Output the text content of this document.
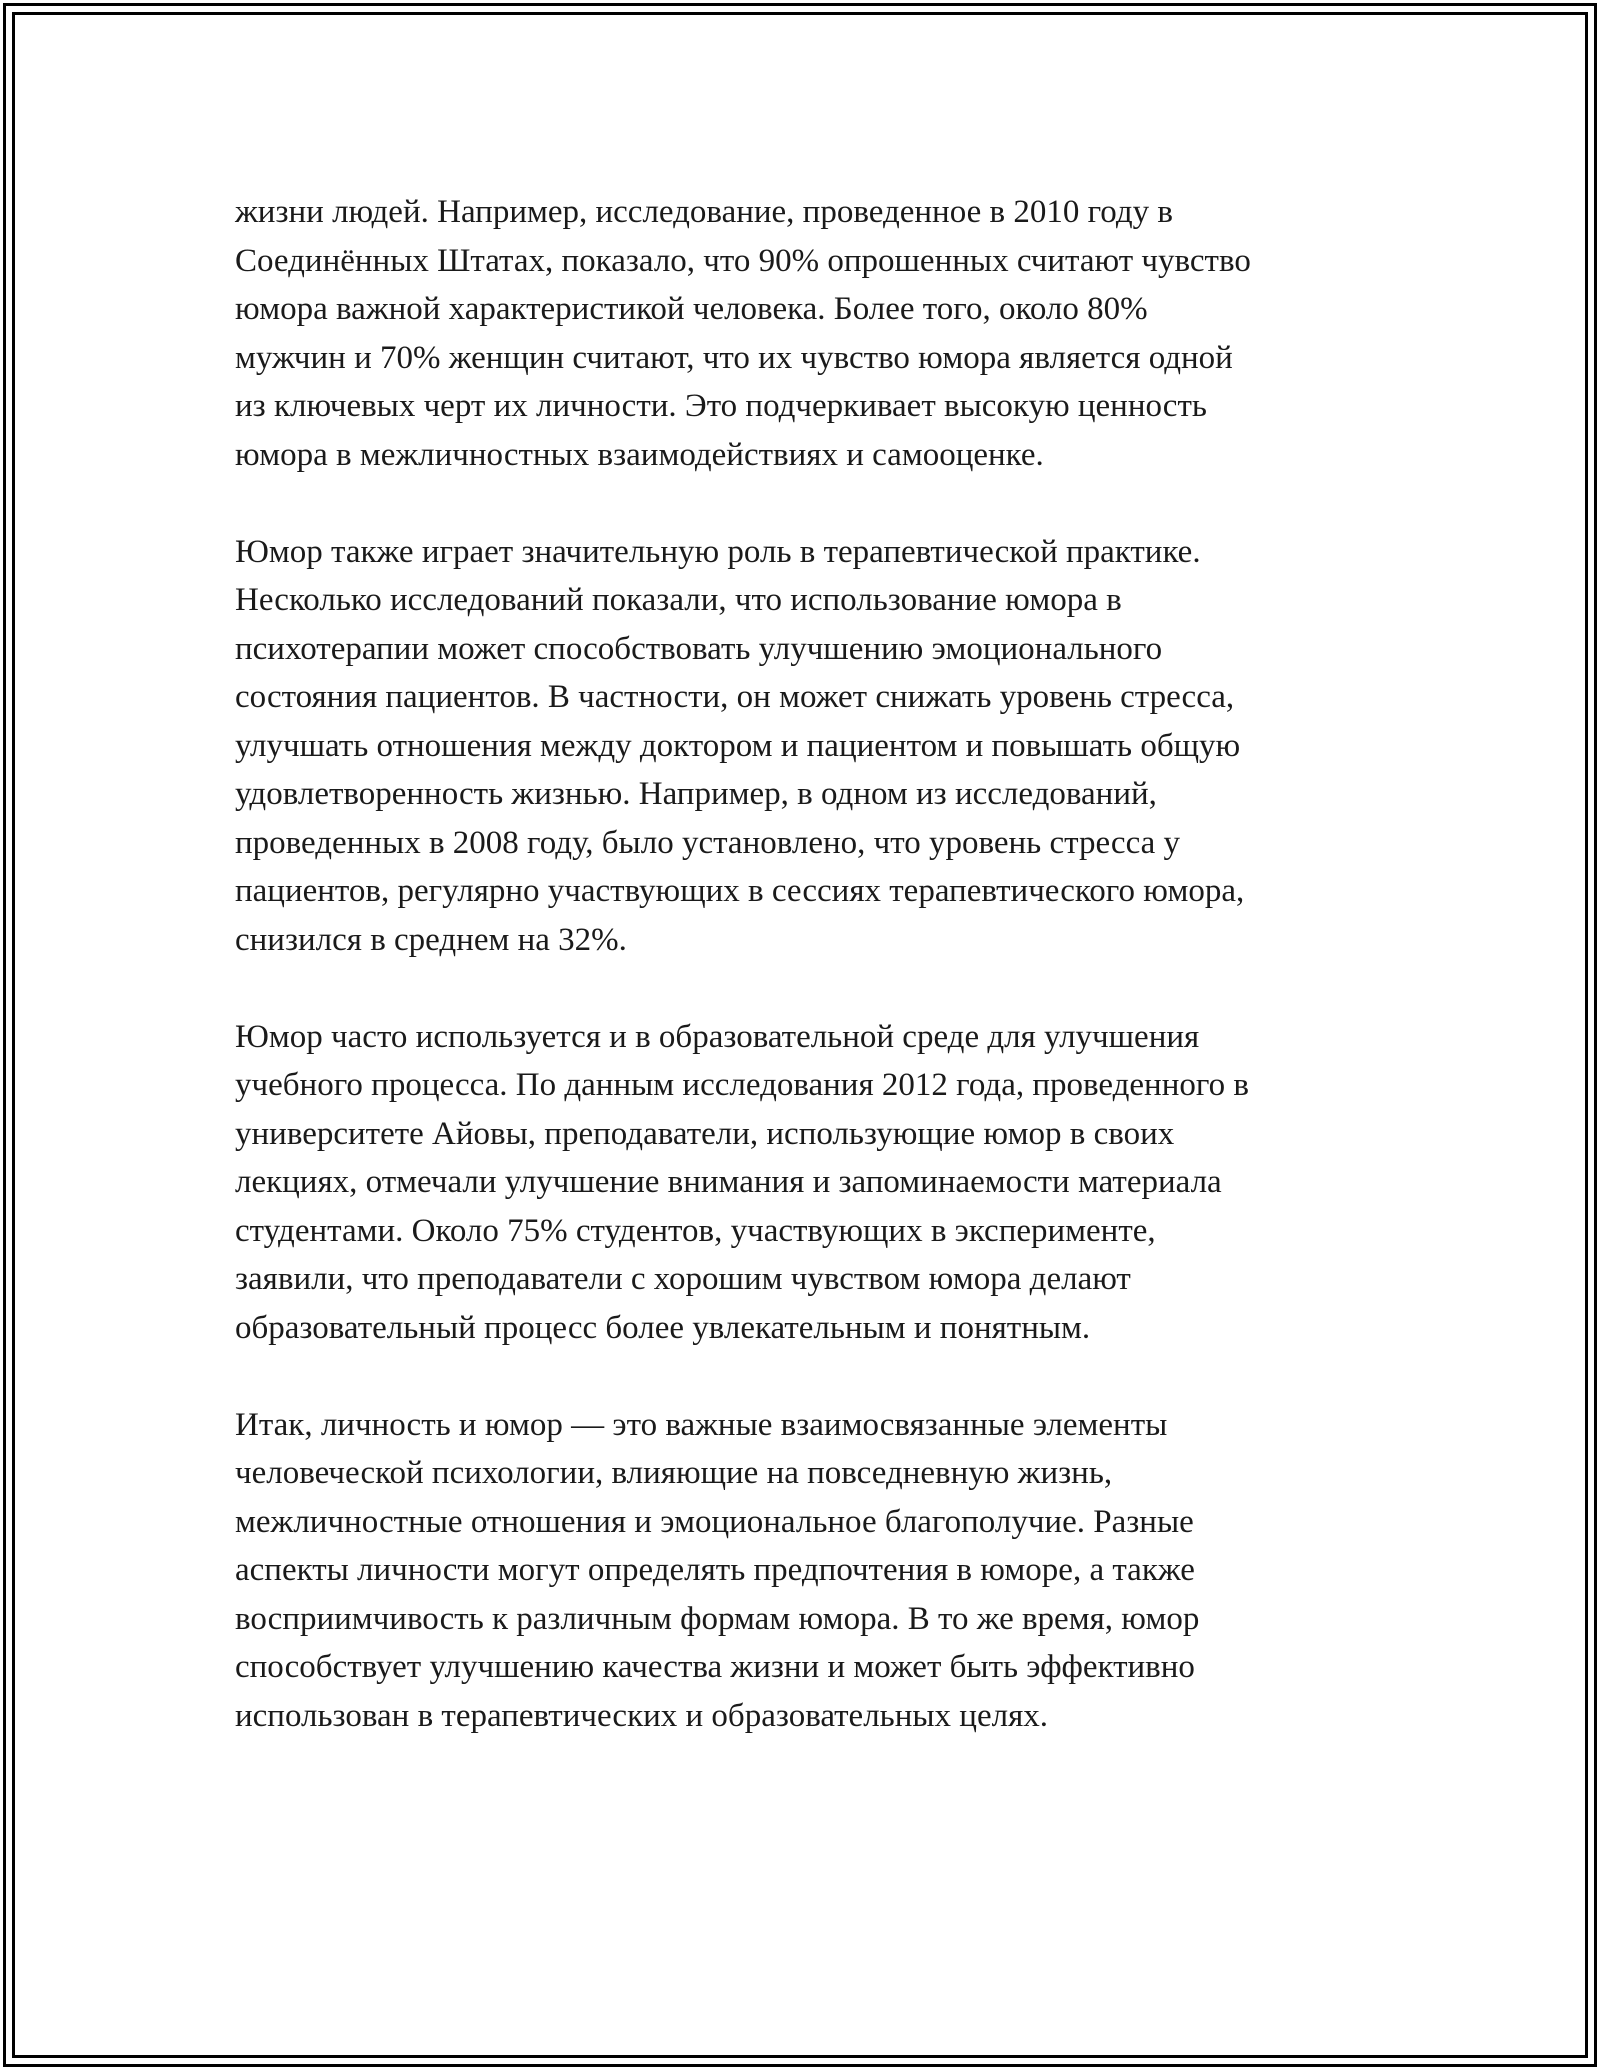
жизни людей. Например, исследование, проведенное в 2010 году в
Соединённых Штатах, показало, что 90% опрошенных считают чувство
юмора важной характеристикой человека. Более того, около 80%
мужчин и 70% женщин считают, что их чувство юмора является одной
из ключевых черт их личности. Это подчеркивает высокую ценность
юмора в межличностных взаимодействиях и самооценке.
Юмор также играет значительную роль в терапевтической практике.
Несколько исследований показали, что использование юмора в
психотерапии может способствовать улучшению эмоционального
состояния пациентов. В частности, он может снижать уровень стресса,
улучшать отношения между доктором и пациентом и повышать общую
удовлетворенность жизнью. Например, в одном из исследований,
проведенных в 2008 году, было установлено, что уровень стресса у
пациентов, регулярно участвующих в сессиях терапевтического юмора,
снизился в среднем на 32%.
Юмор часто используется и в образовательной среде для улучшения
учебного процесса. По данным исследования 2012 года, проведенного в
университете Айовы, преподаватели, использующие юмор в своих
лекциях, отмечали улучшение внимания и запоминаемости материала
студентами. Около 75% студентов, участвующих в эксперименте,
заявили, что преподаватели с хорошим чувством юмора делают
образовательный процесс более увлекательным и понятным.
Итак, личность и юмор — это важные взаимосвязанные элементы
человеческой психологии, влияющие на повседневную жизнь,
межличностные отношения и эмоциональное благополучие. Разные
аспекты личности могут определять предпочтения в юморе, а также
восприимчивость к различным формам юмора. В то же время, юмор
способствует улучшению качества жизни и может быть эффективно
использован в терапевтических и образовательных целях.
